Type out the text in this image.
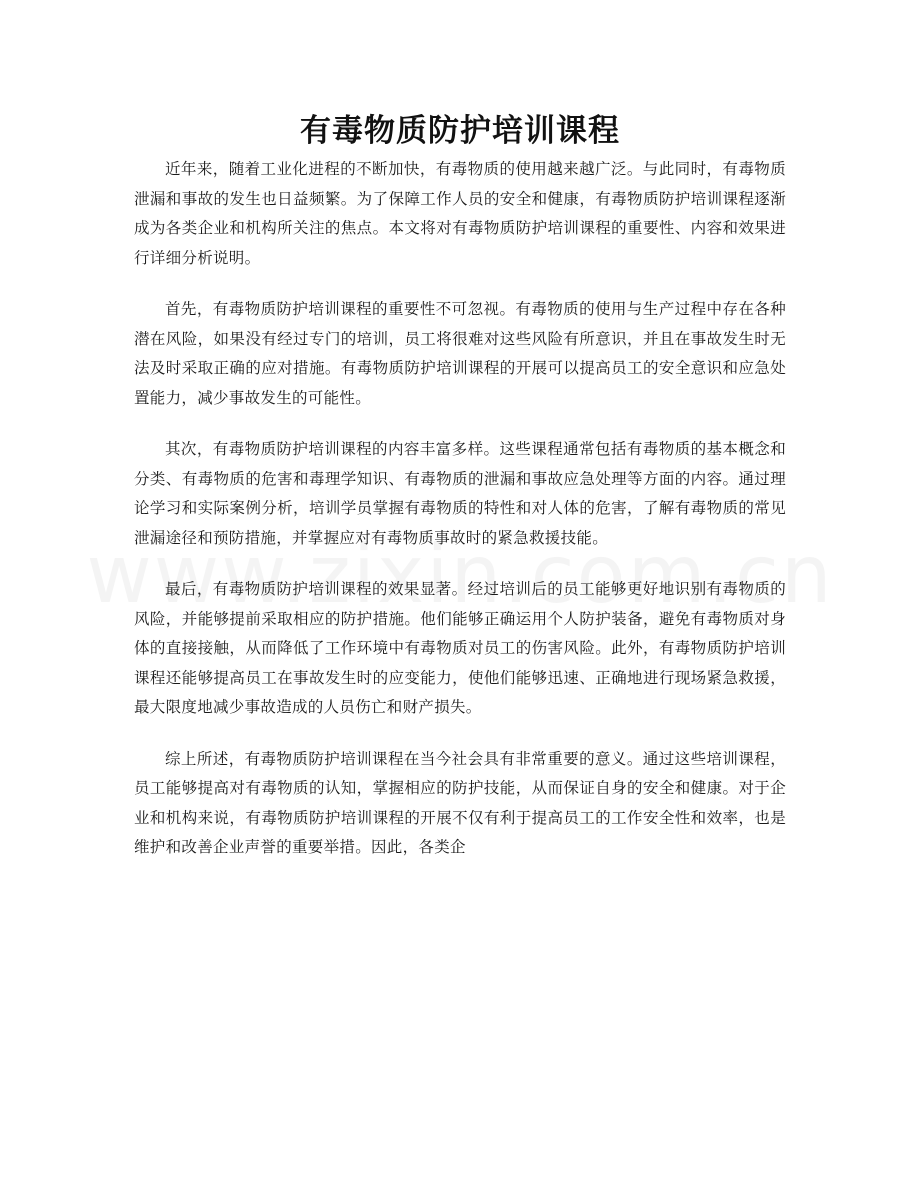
有毒物质防护培训课程

近年来，随着工业化进程的不断加快，有毒物质的使用越来越广泛。与此同时，有毒物质泄漏和事故的发生也日益频繁。为了保障工作人员的安全和健康，有毒物质防护培训课程逐渐成为各类企业和机构所关注的焦点。本文将对有毒物质防护培训课程的重要性、内容和效果进行详细分析说明。

首先，有毒物质防护培训课程的重要性不可忽视。有毒物质的使用与生产过程中存在各种潜在风险，如果没有经过专门的培训，员工将很难对这些风险有所意识，并且在事故发生时无法及时采取正确的应对措施。有毒物质防护培训课程的开展可以提高员工的安全意识和应急处置能力，减少事故发生的可能性。

其次，有毒物质防护培训课程的内容丰富多样。这些课程通常包括有毒物质的基本概念和分类、有毒物质的危害和毒理学知识、有毒物质的泄漏和事故应急处理等方面的内容。通过理论学习和实际案例分析，培训学员掌握有毒物质的特性和对人体的危害，了解有毒物质的常见泄漏途径和预防措施，并掌握应对有毒物质事故时的紧急救援技能。

最后，有毒物质防护培训课程的效果显著。经过培训后的员工能够更好地识别有毒物质的风险，并能够提前采取相应的防护措施。他们能够正确运用个人防护装备，避免有毒物质对身体的直接接触，从而降低了工作环境中有毒物质对员工的伤害风险。此外，有毒物质防护培训课程还能够提高员工在事故发生时的应变能力，使他们能够迅速、正确地进行现场紧急救援，最大限度地减少事故造成的人员伤亡和财产损失。

综上所述，有毒物质防护培训课程在当今社会具有非常重要的意义。通过这些培训课程，员工能够提高对有毒物质的认知，掌握相应的防护技能，从而保证自身的安全和健康。对于企业和机构来说，有毒物质防护培训课程的开展不仅有利于提高员工的工作安全性和效率，也是维护和改善企业声誉的重要举措。因此，各类企
